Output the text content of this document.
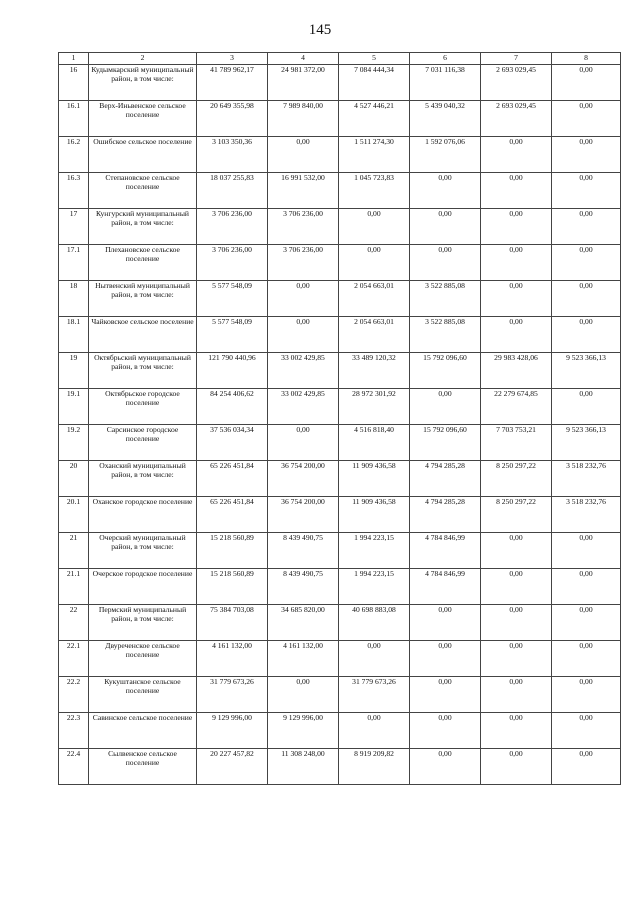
145
1	2	3	4	5	6	7	8
16	Кудымкарский муниципальный район, в том числе:	41 789 962,17	24 981 372,00	7 084 444,34	7 031 116,38	2 693 029,45	0,00
16.1	Верх-Иньвенское сельское поселение	20 649 355,98	7 989 840,00	4 527 446,21	5 439 040,32	2 693 029,45	0,00
16.2	Ошибское сельское поселение	3 103 350,36	0,00	1 511 274,30	1 592 076,06	0,00	0,00
16.3	Степановское сельское поселение	18 037 255,83	16 991 532,00	1 045 723,83	0,00	0,00	0,00
17	Кунгурский муниципальный район, в том числе:	3 706 236,00	3 706 236,00	0,00	0,00	0,00	0,00
17.1	Плехановское сельское поселение	3 706 236,00	3 706 236,00	0,00	0,00	0,00	0,00
18	Нытвенский муниципальный район, в том числе:	5 577 548,09	0,00	2 054 663,01	3 522 885,08	0,00	0,00
18.1	Чайковское сельское поселение	5 577 548,09	0,00	2 054 663,01	3 522 885,08	0,00	0,00
19	Октябрьский муниципальный район, в том числе:	121 790 440,96	33 002 429,85	33 489 120,32	15 792 096,60	29 983 428,06	9 523 366,13
19.1	Октябрьское городское поселение	84 254 406,62	33 002 429,85	28 972 301,92	0,00	22 279 674,85	0,00
19.2	Сарсинское городское поселение	37 536 034,34	0,00	4 516 818,40	15 792 096,60	7 703 753,21	9 523 366,13
20	Оханский муниципальный район, в том числе:	65 226 451,84	36 754 200,00	11 909 436,58	4 794 285,28	8 250 297,22	3 518 232,76
20.1	Оханское городское поселение	65 226 451,84	36 754 200,00	11 909 436,58	4 794 285,28	8 250 297,22	3 518 232,76
21	Очерский муниципальный район, в том числе:	15 218 560,89	8 439 490,75	1 994 223,15	4 784 846,99	0,00	0,00
21.1	Очерское городское поселение	15 218 560,89	8 439 490,75	1 994 223,15	4 784 846,99	0,00	0,00
22	Пермский муниципальный район, в том числе:	75 384 703,08	34 685 820,00	40 698 883,08	0,00	0,00	0,00
22.1	Двуреченское сельское поселение	4 161 132,00	4 161 132,00	0,00	0,00	0,00	0,00
22.2	Кукуштанское сельское поселение	31 779 673,26	0,00	31 779 673,26	0,00	0,00	0,00
22.3	Савинское сельское поселение	9 129 996,00	9 129 996,00	0,00	0,00	0,00	0,00
22.4	Сылвенское сельское поселение	20 227 457,82	11 308 248,00	8 919 209,82	0,00	0,00	0,00
